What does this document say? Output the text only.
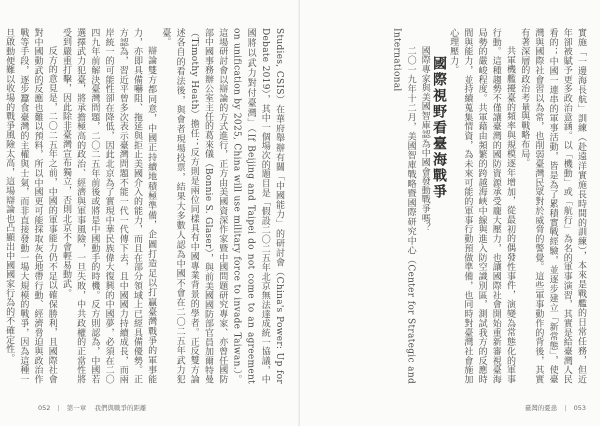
Studies, CSIS）在華府舉辦有關「中國能力」的研討會（China's Power: Up for Debate 2019），其中一個場次的題目是「假設二〇二五年北京無法達成統一協議，中國將以武力對付臺灣」（If Beijing and Taipei do not come to an agreement on unification by 2025, China will use military force to invade Taiwan.）。這場研討會以辯論的方式進行，正方由美國資深作家暨中國問題研究專家、亦曾任國防部中國事務辦公室主任的葛來儀（Bonnie S. Glaser），與前美國國防部官員加爾特曼（Timothy Heath）擔任；反方則是兩位同樣具有中國專業背景的學者。正反雙方論述各自的看法後，與會者現場投票，結果大多數人認為中國不會在二〇二五年武力犯臺。

辯論雙方都同意，中國正持續地積極準備，企圖打造足以打贏臺灣戰爭的軍事能力，亦即具備嚇阻、拖延與拒止美國介入的能力，而且在部分領域上已經具備優勢。正方認為，習近平曾多次表示臺灣問題不能一代一代傳下去，且中國國力持續成長，而兩岸統一的可能性卻在降低，因此北京為了實現中華民族偉大復興的中國夢，必須在二〇四九年前解決臺灣問題，二〇二五年前後或將是中國動手的時機。反方則認為，中國若選擇武力犯臺，將承擔極高的政治、經濟與軍事風險，一旦失敗，中共政權的正當性將受到嚴重打擊，因此除非臺灣宣布獨立，否則北京不會輕易動武。

反方的意見是，二〇二五年之前，中國的軍事能力仍不足以確保勝利，且國際社會對中國動武的反應也難以預料，所以中國更可能採取灰色地帶行動、經濟脅迫與政治作戰等手段，逐步蠶食臺灣的主權與士氣，而非直接發動一場大規模的戰爭，因為這種一旦啟動便難以收場的戰爭風險太高，這場辯論也凸顯出中國國家行為的不確定性。

052 | 第一章 我們與戰爭的距離

實施「一邊海長航」訓練（赴遠洋實施長時間的訓練），本來是戰艦的日常任務，但近年卻被賦予更多政治意涵。以「機動」或「航行」為名的軍事演習，其實是給臺灣人民看的；中國一連串的軍事活動，皆是為了累積實戰經驗，並逐步建立「新常態」，使臺灣與國際社會習以為常，也削弱臺灣民眾對於威脅的警覺。這些軍事動作的背後，其實有著深層的政治考量與戰略布局。

共軍機艦擾臺的頻率與規模逐年增加，從最初的偶發性事件，演變為常態化的軍事行動。這種趨勢不僅讓臺灣的國防資源承受龐大壓力，也讓國際社會開始重新審視臺海局勢的嚴峻程度。共軍藉由頻繁的跨越海峽中線與進入防空識別區，測試我方的反應時間與能力，並持續蒐集情資，為未來可能的軍事行動預做準備，也同時對臺灣社會施加心理壓力。

國際視野看臺海戰爭

國際專家與美國智庫認為中國會發動戰爭嗎？

二〇一九年十二月，美國智庫戰略暨國際研究中心（Center for Strategic and International

臺灣的憂患 | 053
